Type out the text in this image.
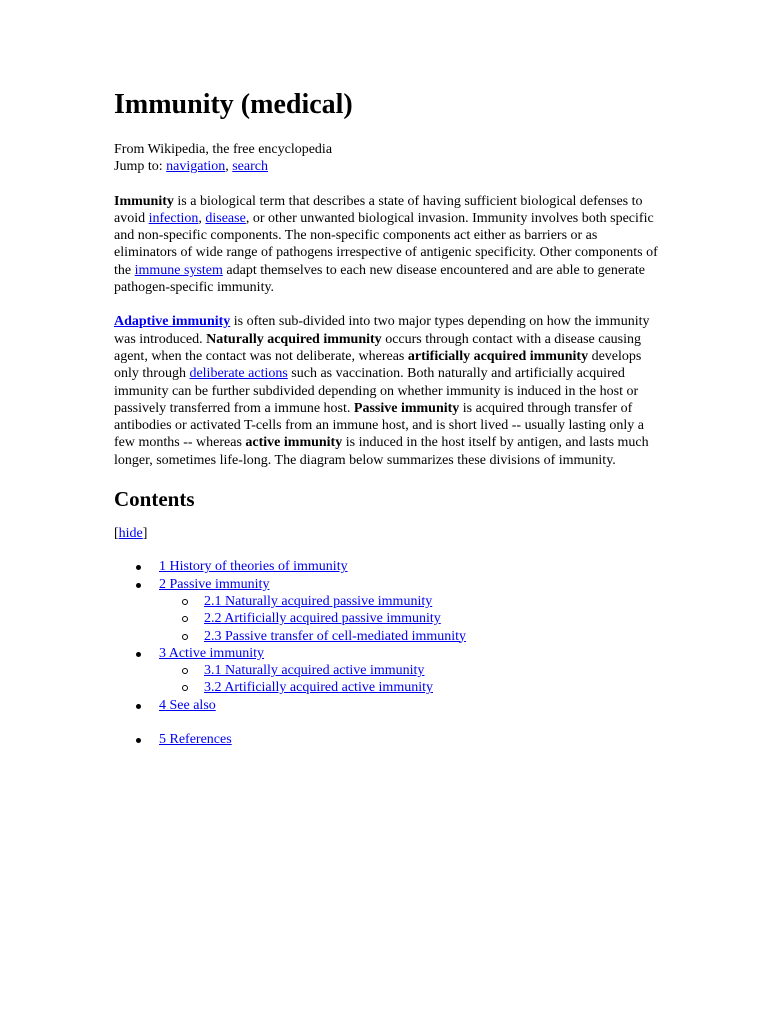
Immunity (medical)

From Wikipedia, the free encyclopedia
Jump to: navigation, search

Immunity is a biological term that describes a state of having sufficient biological defenses to avoid infection, disease, or other unwanted biological invasion. Immunity involves both specific and non-specific components. The non-specific components act either as barriers or as eliminators of wide range of pathogens irrespective of antigenic specificity. Other components of the immune system adapt themselves to each new disease encountered and are able to generate pathogen-specific immunity.

Adaptive immunity is often sub-divided into two major types depending on how the immunity was introduced. Naturally acquired immunity occurs through contact with a disease causing agent, when the contact was not deliberate, whereas artificially acquired immunity develops only through deliberate actions such as vaccination. Both naturally and artificially acquired immunity can be further subdivided depending on whether immunity is induced in the host or passively transferred from a immune host. Passive immunity is acquired through transfer of antibodies or activated T-cells from an immune host, and is short lived -- usually lasting only a few months -- whereas active immunity is induced in the host itself by antigen, and lasts much longer, sometimes life-long. The diagram below summarizes these divisions of immunity.

Contents

[hide]

1 History of theories of immunity
2 Passive immunity
2.1 Naturally acquired passive immunity
2.2 Artificially acquired passive immunity
2.3 Passive transfer of cell-mediated immunity
3 Active immunity
3.1 Naturally acquired active immunity
3.2 Artificially acquired active immunity
4 See also
5 References
